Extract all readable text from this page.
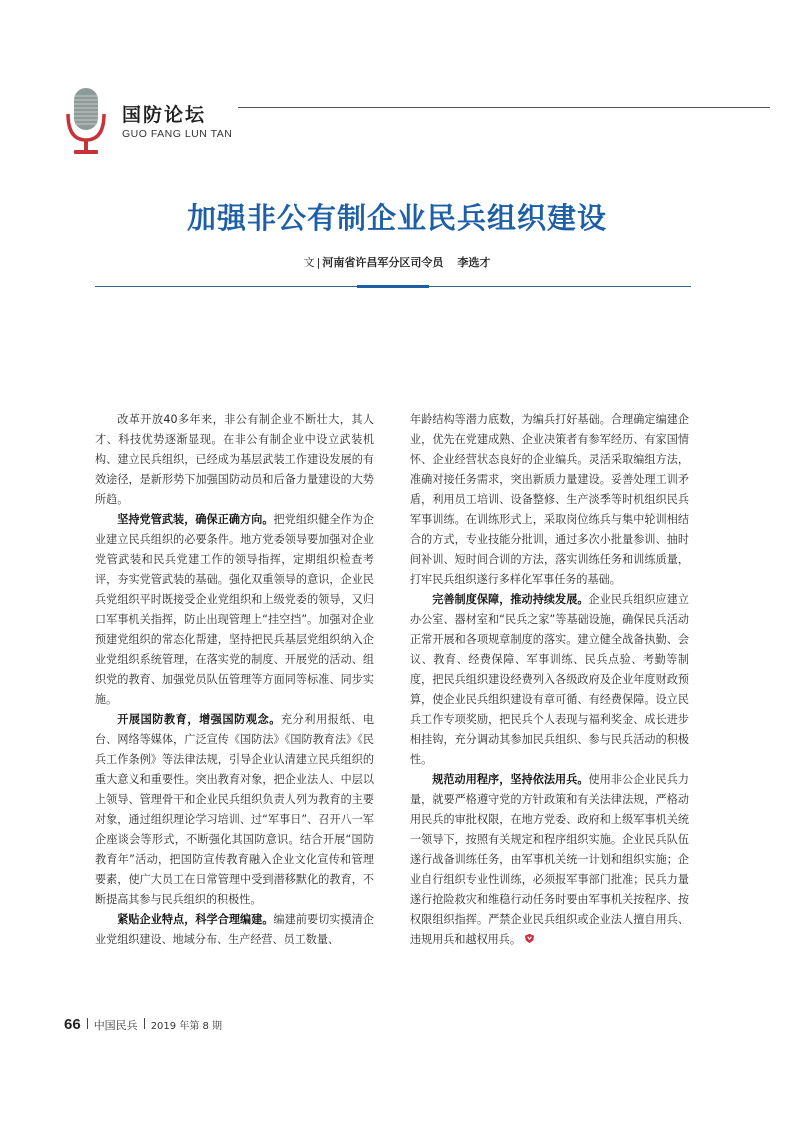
国防论坛
GUO FANG LUN TAN
加强非公有制企业民兵组织建设
文 | 河南省许昌军分区司令员 李选才

改革开放40多年来，非公有制企业不断壮大，其人才、科技优势逐渐显现。在非公有制企业中设立武装机构、建立民兵组织，已经成为基层武装工作建设发展的有效途径，是新形势下加强国防动员和后备力量建设的大势所趋。

坚持党管武装，确保正确方向。把党组织健全作为企业建立民兵组织的必要条件。地方党委领导要加强对企业党管武装和民兵党建工作的领导指挥，定期组织检查考评，夯实党管武装的基础。强化双重领导的意识，企业民兵党组织平时既接受企业党组织和上级党委的领导，又归口军事机关指挥，防止出现管理上“挂空挡”。加强对企业预建党组织的常态化帮建，坚持把民兵基层党组织纳入企业党组织系统管理，在落实党的制度、开展党的活动、组织党的教育、加强党员队伍管理等方面同等标准、同步实施。

开展国防教育，增强国防观念。充分利用报纸、电台、网络等媒体，广泛宣传《国防法》《国防教育法》《民兵工作条例》等法律法规，引导企业认清建立民兵组织的重大意义和重要性。突出教育对象，把企业法人、中层以上领导、管理骨干和企业民兵组织负责人列为教育的主要对象，通过组织理论学习培训、过“军事日”、召开八一军企座谈会等形式，不断强化其国防意识。结合开展“国防教育年”活动，把国防宣传教育融入企业文化宣传和管理要素，使广大员工在日常管理中受到潜移默化的教育，不断提高其参与民兵组织的积极性。

紧贴企业特点，科学合理编建。编建前要切实摸清企业党组织建设、地域分布、生产经营、员工数量、

年龄结构等潜力底数，为编兵打好基础。合理确定编建企业，优先在党建成熟、企业决策者有参军经历、有家国情怀、企业经营状态良好的企业编兵。灵活采取编组方法，准确对接任务需求，突出新质力量建设。妥善处理工训矛盾，利用员工培训、设备整修、生产淡季等时机组织民兵军事训练。在训练形式上，采取岗位练兵与集中轮训相结合的方式，专业技能分批训，通过多次小批量参训、抽时间补训、短时间合训的方法，落实训练任务和训练质量，打牢民兵组织遂行多样化军事任务的基础。

完善制度保障，推动持续发展。企业民兵组织应建立办公室、器材室和“民兵之家”等基础设施，确保民兵活动正常开展和各项规章制度的落实。建立健全战备执勤、会议、教育、经费保障、军事训练、民兵点验、考勤等制度，把民兵组织建设经费列入各级政府及企业年度财政预算，使企业民兵组织建设有章可循、有经费保障。设立民兵工作专项奖励，把民兵个人表现与福利奖金、成长进步相挂钩，充分调动其参加民兵组织、参与民兵活动的积极性。

规范动用程序，坚持依法用兵。使用非公企业民兵力量，就要严格遵守党的方针政策和有关法律法规，严格动用民兵的审批权限，在地方党委、政府和上级军事机关统一领导下，按照有关规定和程序组织实施。企业民兵队伍遂行战备训练任务，由军事机关统一计划和组织实施；企业自行组织专业性训练，必须报军事部门批准；民兵力量遂行抢险救灾和维稳行动任务时要由军事机关按程序、按权限组织指挥。严禁企业民兵组织或企业法人擅自用兵、违规用兵和越权用兵。

66 中国民兵 2019 年第 8 期
